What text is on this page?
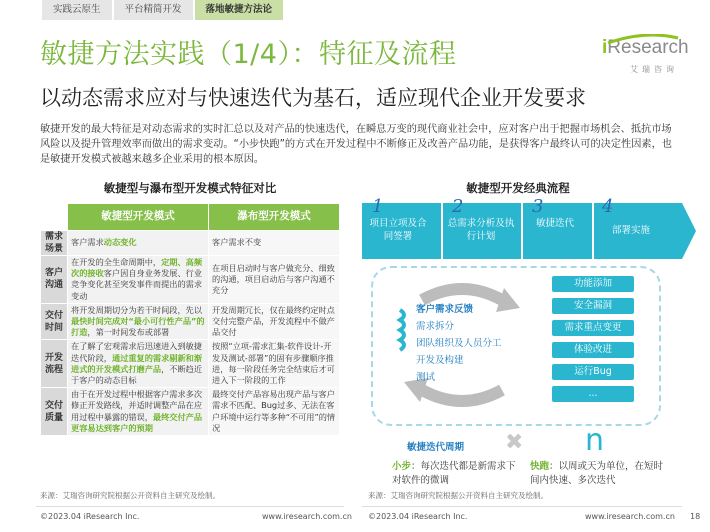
实践云原生	平台精简开发	落地敏捷方法论
iResearch
艾瑞咨询
敏捷方法实践（1/4）：特征及流程
以动态需求应对与快速迭代为基石，适应现代企业开发要求

敏捷开发的最大特征是对动态需求的实时汇总以及对产品的快速迭代，在瞬息万变的现代商业社会中，应对客户出于把握市场机会、抵抗市场风险以及提升管理效率而做出的需求变动。“小步快跑”的方式在开发过程中不断修正及改善产品功能，是获得客户最终认可的决定性因素，也是敏捷开发模式被越来越多企业采用的根本原因。

敏捷型与瀑布型开发模式特征对比
	敏捷型开发模式	瀑布型开发模式
需求
场景	客户需求动态变化	客户需求不变
客户
沟通	在开发的全生命周期中，定期、高频次的接收客户因自身业务发展、行业竞争变化甚至突发事件而提出的需求变动	在项目启动时与客户做充分、细致的沟通，项目启动后与客户沟通不充分
交付
时间	将开发周期切分为若干时间段，先以最快时间完成对“最小可行性产品”的打造，第一时间发布或部署	开发周期冗长，仅在最终约定时点交付完整产品，开发流程中不做产品交付
开发
流程	在了解了宏观需求后迅速进入到敏捷迭代阶段，通过重复的需求剔新和渐进式的开发模式打磨产品，不断趋近于客户的动态目标	按照“立项-需求汇集-软件设计-开发及测试-部署”的固有步骤顺序推进，每一阶段任务完全结束后才可进入下一阶段的工作
交付
质量	由于在开发过程中根据客户需求多次修正开发路线，并适时调整产品在应用过程中暴露的错误，最终交付产品更容易达到客户的预期	最终交付产品容易出现产品与客户需求不匹配、Bug过多、无法在客户环境中运行等多种“不可用”的情况
敏捷型开发经典流程
1
项目立项及合同签署
2
总需求分析及执行计划
3
敏捷迭代
4
部署实施
客户需求反馈
需求拆分
团队组织及人员分工
开发及构建
测试
功能添加
安全漏洞
需求重点变更
体验改进
运行Bug
...
敏捷迭代周期 ✖ n
小步：每次迭代都是新需求下对软件的微调
快跑：以周或天为单位，在短时间内快速、多次迭代
来源：艾瑞咨询研究院根据公开资料自主研究及绘制。	来源：艾瑞咨询研究院根据公开资料自主研究及绘制。
©2023.04 iResearch Inc.	www.iresearch.com.cn ©2023.04 iResearch Inc.	www.iresearch.com.cn 18
